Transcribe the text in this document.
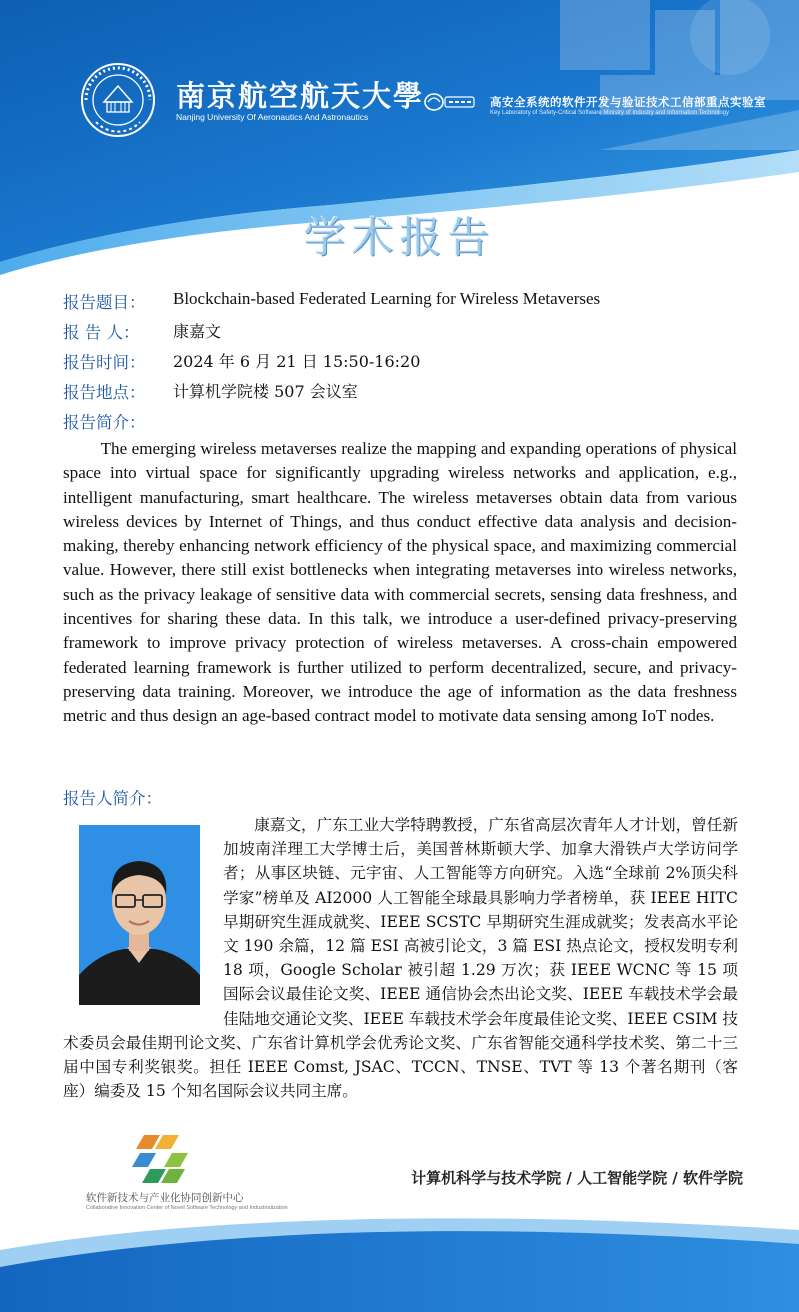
南京航空航天大學
Nanjing University Of Aeronautics And Astronautics
高安全系统的软件开发与验证技术工信部重点实验室
Key Laboratory of Safety-Critical Software Ministry of Industry and Information Technology
学术报告
报告题目： Blockchain-based Federated Learning for Wireless Metaverses
报 告 人： 康嘉文
报告时间： 2024 年 6 月 21 日 15:50-16:20
报告地点： 计算机学院楼 507 会议室
报告简介：
The emerging wireless metaverses realize the mapping and expanding operations of physical space into virtual space for significantly upgrading wireless networks and application, e.g., intelligent manufacturing, smart healthcare. The wireless metaverses obtain data from various wireless devices by Internet of Things, and thus conduct effective data analysis and decision-making, thereby enhancing network efficiency of the physical space, and maximizing commercial value. However, there still exist bottlenecks when integrating metaverses into wireless networks, such as the privacy leakage of sensitive data with commercial secrets, sensing data freshness, and incentives for sharing these data. In this talk, we introduce a user-defined privacy-preserving framework to improve privacy protection of wireless metaverses. A cross-chain empowered federated learning framework is further utilized to perform decentralized, secure, and privacy-preserving data training. Moreover, we introduce the age of information as the data freshness metric and thus design an age-based contract model to motivate data sensing among IoT nodes.
报告人简介：
康嘉文，广东工业大学特聘教授，广东省高层次青年人才计划，曾任新加坡南洋理工大学博士后，美国普林斯顿大学、加拿大滑铁卢大学访问学者；从事区块链、元宇宙、人工智能等方向研究。入选“全球前 2%顶尖科学家”榜单及 AI2000 人工智能全球最具影响力学者榜单，获 IEEE HITC 早期研究生涯成就奖、IEEE SCSTC 早期研究生涯成就奖；发表高水平论文 190 余篇，12 篇 ESI 高被引论文，3 篇 ESI 热点论文，授权发明专利 18 项，Google Scholar 被引超 1.29 万次；获 IEEE WCNC 等 15 项国际会议最佳论文奖、IEEE 通信协会杰出论文奖、IEEE 车载技术学会最佳陆地交通论文奖、IEEE 车载技术学会年度最佳论文奖、IEEE CSIM 技术委员会最佳期刊论文奖、广东省计算机学会优秀论文奖、广东省智能交通科学技术奖、第二十三届中国专利奖银奖。担任 IEEE Comst, JSAC、TCCN、TNSE、TVT 等 13 个著名期刊（客座）编委及 15 个知名国际会议共同主席。
软件新技术与产业化协同创新中心
Collaborative Innovation Center of Novel Software Technology and Industrialization
计算机科学与技术学院 / 人工智能学院 / 软件学院
